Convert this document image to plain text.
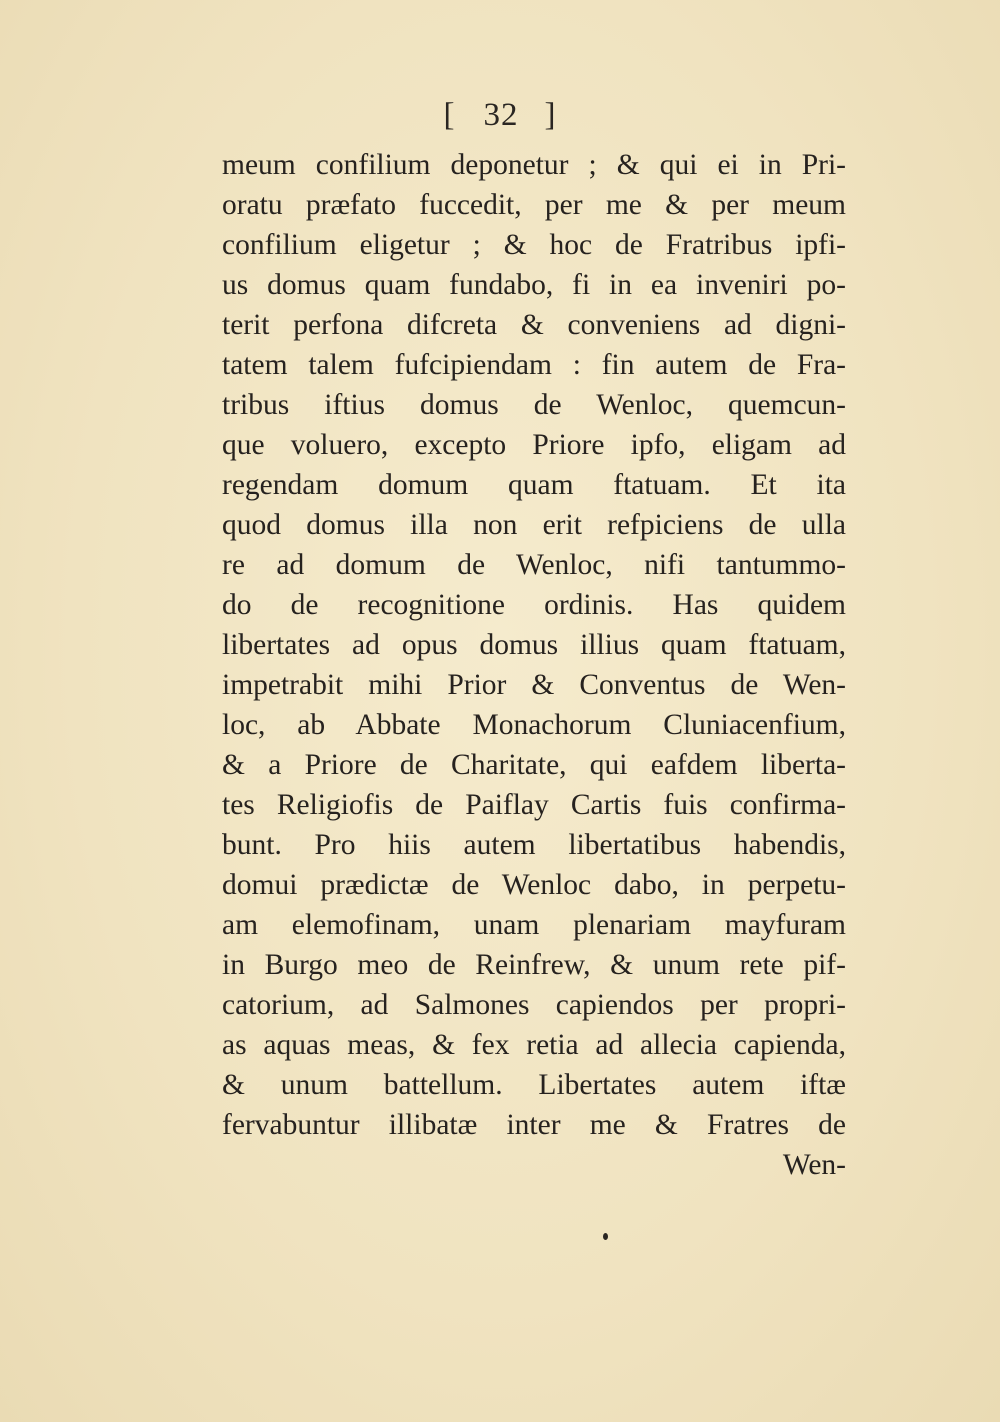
[ 32 ]
meum confilium deponetur ; & qui ei in Pri-
oratu præfato fuccedit, per me & per meum
confilium eligetur ; & hoc de Fratribus ipfi-
us domus quam fundabo, fi in ea inveniri po-
terit perfona difcreta & conveniens ad digni-
tatem talem fufcipiendam : fin autem de Fra-
tribus iftius domus de Wenloc, quemcun-
que voluero, excepto Priore ipfo, eligam ad
regendam domum quam ftatuam. Et ita
quod domus illa non erit refpiciens de ulla
re ad domum de Wenloc, nifi tantummo-
do de recognitione ordinis. Has quidem
libertates ad opus domus illius quam ftatuam,
impetrabit mihi Prior & Conventus de Wen-
loc, ab Abbate Monachorum Cluniacenfium,
& a Priore de Charitate, qui eafdem liberta-
tes Religiofis de Paiflay Cartis fuis confirma-
bunt. Pro hiis autem libertatibus habendis,
domui prædictæ de Wenloc dabo, in perpetu-
am elemofinam, unam plenariam mayfuram
in Burgo meo de Reinfrew, & unum rete pif-
catorium, ad Salmones capiendos per propri-
as aquas meas, & fex retia ad allecia capienda,
& unum battellum. Libertates autem iftæ
fervabuntur illibatæ inter me & Fratres de
Wen-
